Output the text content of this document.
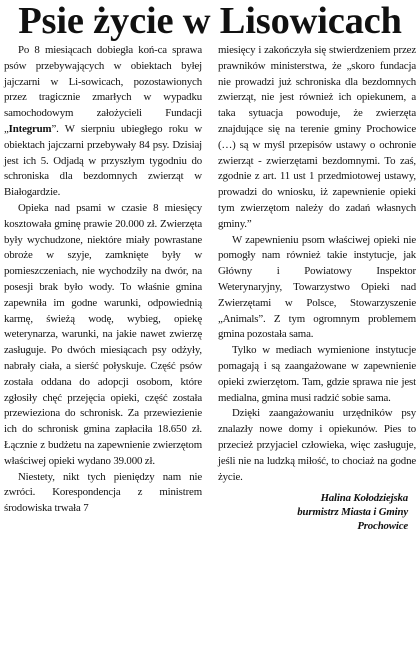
Psie życie w Lisowicach

Po 8 miesiącach dobiegła koń-ca sprawa psów przebywających w obiektach byłej jajczarni w Li-sowicach, pozostawionych przez tragicznie zmarłych w wypadku samochodowym założycieli Fundacji „Integrum”. W sierpniu ubiegłego roku w obiektach jajczarni przebywały 84 psy. Dzisiaj jest ich 5. Odjadą w przyszłym tygodniu do schroniska dla bezdomnych zwierząt w Białogardzie.

Opieka nad psami w czasie 8 miesięcy kosztowała gminę prawie 20.000 zł. Zwierzęta były wychudzone, niektóre miały powrastane obroże w szyje, zamknięte były w pomieszczeniach, nie wychodziły na dwór, na posesji brak było wody. To właśnie gmina zapewniła im godne warunki, odpowiednią karmę, świeżą wodę, wybieg, opiekę weterynarza, warunki, na jakie nawet zwierzę zasługuje. Po dwóch miesiącach psy odżyły, nabrały ciała, a sierść połyskuje. Część psów została oddana do adopcji osobom, które zgłosiły chęć przejęcia opieki, część została przewieziona do schronisk. Za przewiezienie ich do schronisk gmina zapłaciła 18.650 zł. Łącznie z budżetu na zapewnienie zwierzętom właściwej opieki wydano 39.000 zł.

Niestety, nikt tych pieniędzy nam nie zwróci. Korespondencja z ministrem środowiska trwała 7

miesięcy i zakończyła się stwierdzeniem przez prawników ministerstwa, że „skoro fundacja nie prowadzi już schroniska dla bezdomnych zwierząt, nie jest również ich opiekunem, a taka sytuacja powoduje, że zwierzęta znajdujące się na terenie gminy Prochowice (…) są w myśl przepisów ustawy o ochronie zwierząt - zwierzętami bezdomnymi. To zaś, zgodnie z art. 11 ust 1 przedmiotowej ustawy, prowadzi do wniosku, iż zapewnienie opieki tym zwierzętom należy do zadań własnych gminy.”

W zapewnieniu psom właściwej opieki nie pomogły nam również takie instytucje, jak Główny i Powiatowy Inspektor Weterynaryjny, Towarzystwo Opieki nad Zwierzętami w Polsce, Stowarzyszenie „Animals”. Z tym ogromnym problemem gmina pozostała sama.

Tylko w mediach wymienione instytucje pomagają i są zaangażowane w zapewnienie opieki zwierzętom. Tam, gdzie sprawa nie jest medialna, gmina musi radzić sobie sama.

Dzięki zaangażowaniu urzędników psy znalazły nowe domy i opiekunów. Pies to przecież przyjaciel człowieka, więc zasługuje, jeśli nie na ludzką miłość, to chociaż na godne życie.

Halina Kołodziejska
burmistrz Miasta i Gminy
Prochowice
